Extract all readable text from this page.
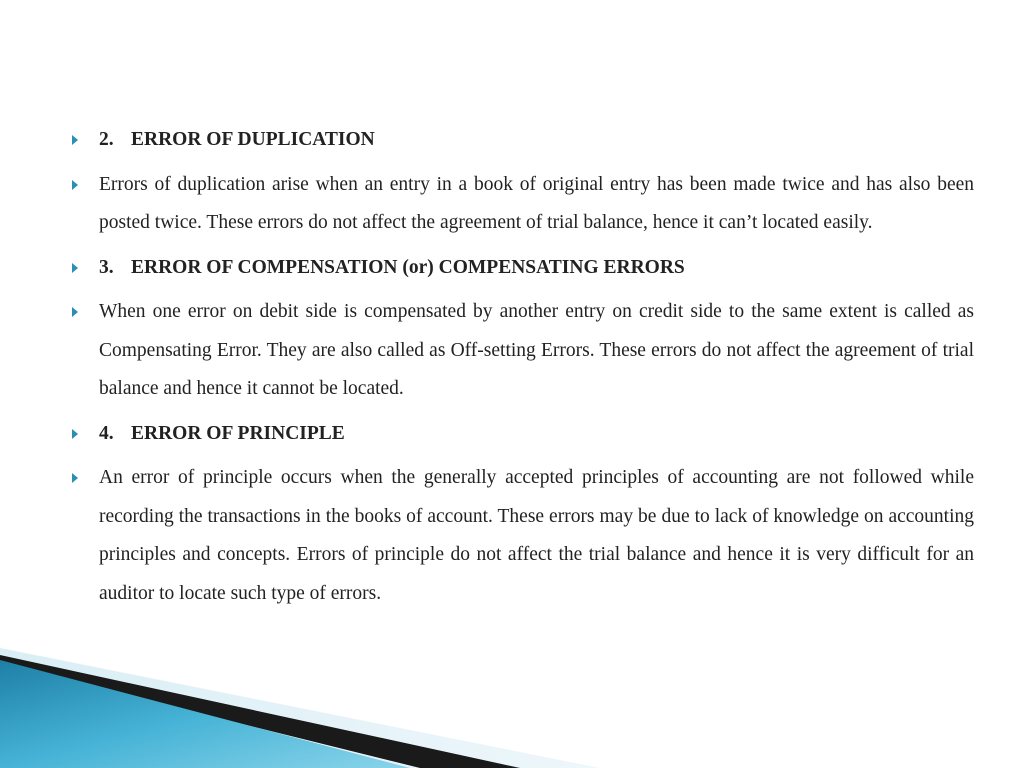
2. ERROR OF DUPLICATION
Errors of duplication arise when an entry in a book of original entry has been made twice and has also been posted twice. These errors do not affect the agreement of trial balance, hence it can’t located easily.
3. ERROR OF COMPENSATION (or) COMPENSATING ERRORS
When one error on debit side is compensated by another entry on credit side to the same extent is called as Compensating Error. They are also called as Off-setting Errors. These errors do not affect the agreement of trial balance and hence it cannot be located.
4. ERROR OF PRINCIPLE
An error of principle occurs when the generally accepted principles of accounting are not followed while recording the transactions in the books of account. These errors may be due to lack of knowledge on accounting principles and concepts. Errors of principle do not affect the trial balance and hence it is very difficult for an auditor to locate such type of errors.
